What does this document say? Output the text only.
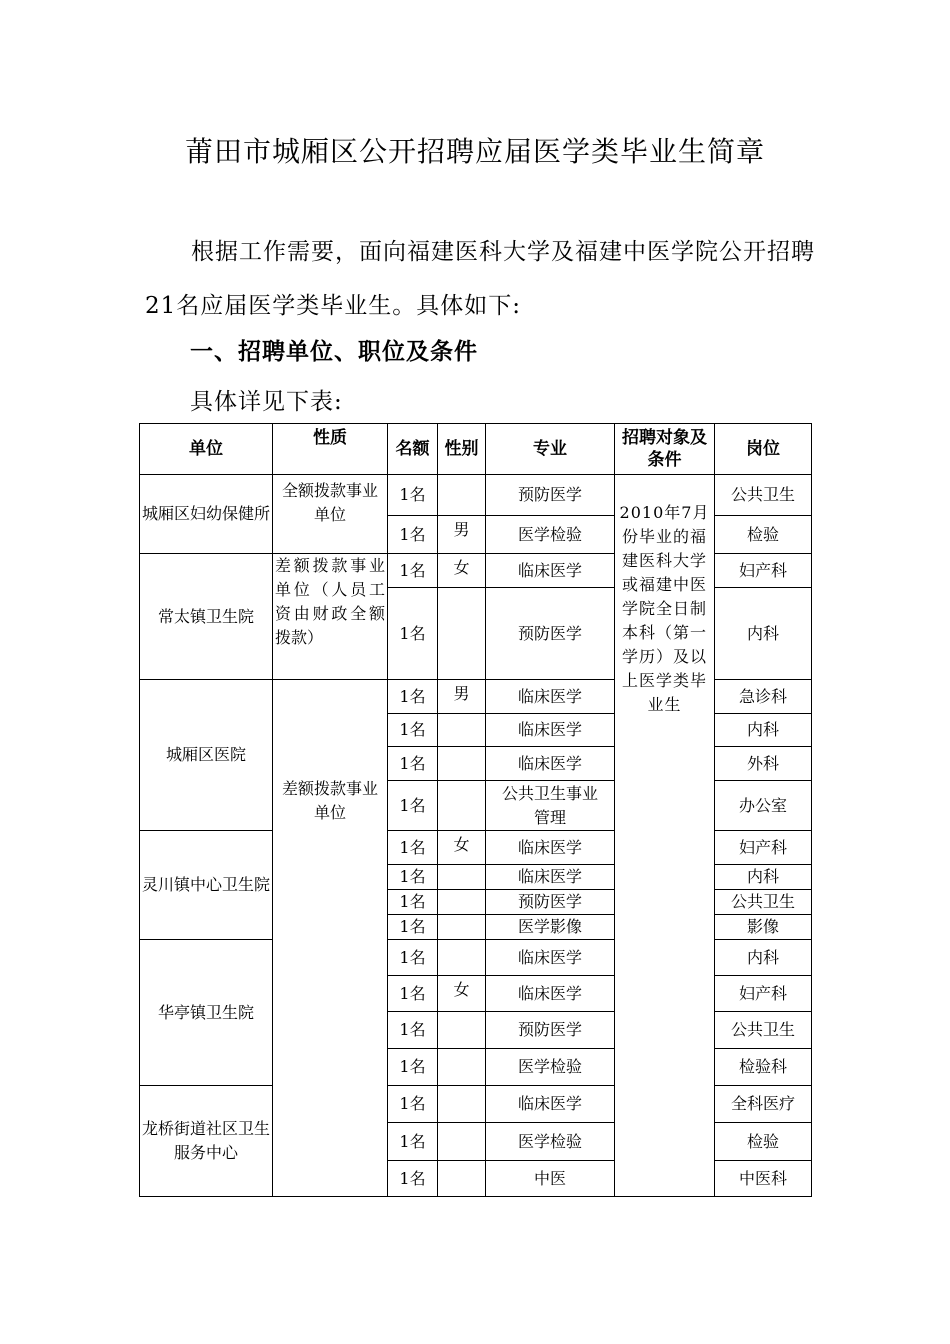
莆田市城厢区公开招聘应届医学类毕业生简章
根据工作需要，面向福建医科大学及福建中医学院公开招聘21名应届医学类毕业生。具体如下:
一、招聘单位、职位及条件
具体详见下表:
单位	性质	名额	性别	专业	招聘对象及条件	岗位
城厢区妇幼保健所	全额拨款事业单位	1名		预防医学	2010年7月份毕业的福建医科大学或福建中医学院全日制本科（第一学历）及以上医学类毕业生	公共卫生
		1名	男	医学检验		检验
常太镇卫生院	差额拨款事业单位（人员工资由财政全额拨款）	1名	女	临床医学		妇产科
		1名		预防医学		内科
城厢区医院	差额拨款事业单位	1名	男	临床医学		急诊科
		1名		临床医学		内科
		1名		临床医学		外科
		1名		公共卫生事业管理		办公室
灵川镇中心卫生院		1名	女	临床医学		妇产科
		1名		临床医学		内科
		1名		预防医学		公共卫生
		1名		医学影像		影像
华亭镇卫生院		1名		临床医学		内科
		1名	女	临床医学		妇产科
		1名		预防医学		公共卫生
		1名		医学检验		检验科
龙桥街道社区卫生服务中心		1名		临床医学		全科医疗
		1名		医学检验		检验
		1名		中医		中医科
